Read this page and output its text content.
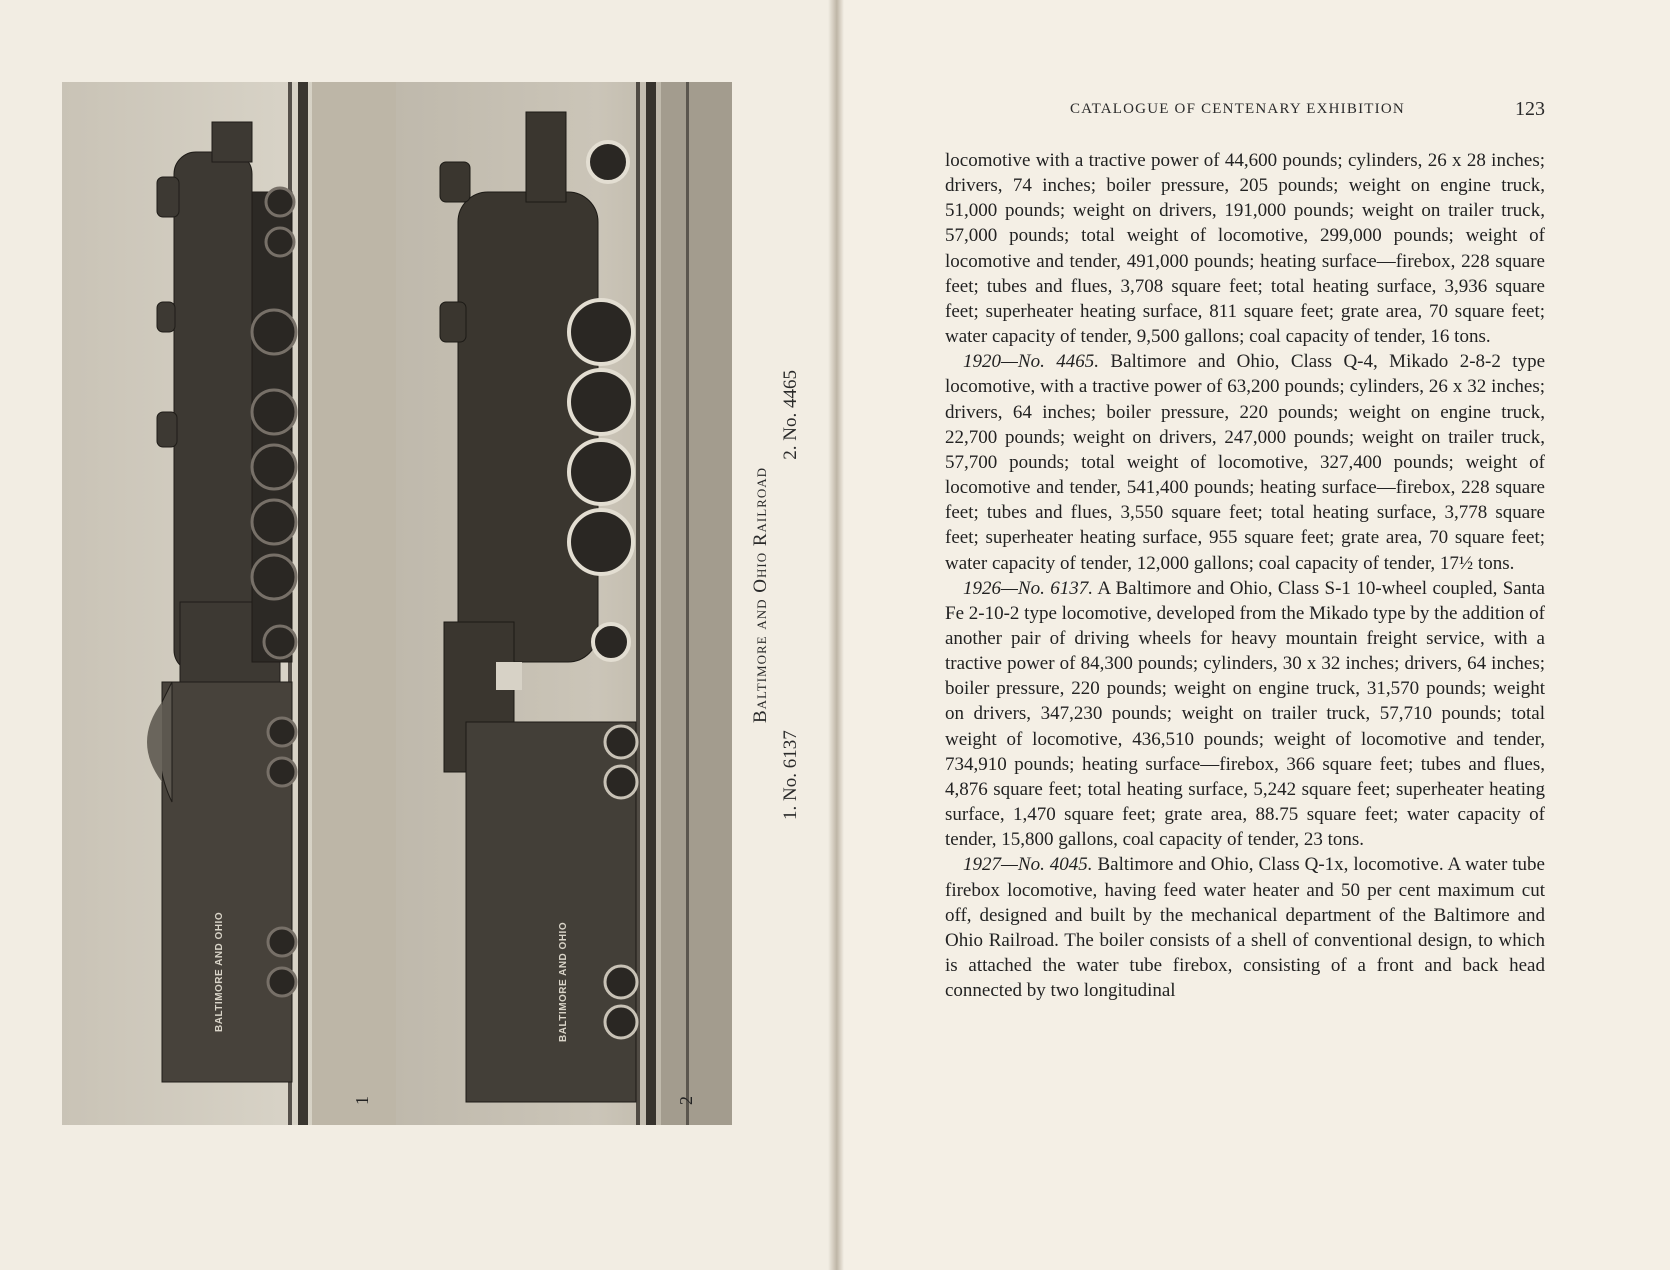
BALTIMORE AND OHIO
1
BALTIMORE AND OHIO
2
Baltimore and Ohio Railroad
1. No. 6137
2. No. 4465
CATALOGUE OF CENTENARY EXHIBITION	123

locomotive with a tractive power of 44,600 pounds; cylinders, 26 x 28 inches; drivers, 74 inches; boiler pressure, 205 pounds; weight on engine truck, 51,000 pounds; weight on drivers, 191,000 pounds; weight on trailer truck, 57,000 pounds; total weight of locomotive, 299,000 pounds; weight of locomotive and tender, 491,000 pounds; heating surface—firebox, 228 square feet; tubes and flues, 3,708 square feet; total heating surface, 3,936 square feet; superheater heating surface, 811 square feet; grate area, 70 square feet; water capacity of tender, 9,500 gallons; coal capacity of tender, 16 tons.

1920—No. 4465. Baltimore and Ohio, Class Q-4, Mikado 2-8-2 type locomotive, with a tractive power of 63,200 pounds; cylinders, 26 x 32 inches; drivers, 64 inches; boiler pressure, 220 pounds; weight on engine truck, 22,700 pounds; weight on drivers, 247,000 pounds; weight on trailer truck, 57,700 pounds; total weight of locomotive, 327,400 pounds; weight of locomotive and tender, 541,400 pounds; heating surface—firebox, 228 square feet; tubes and flues, 3,550 square feet; total heating surface, 3,778 square feet; superheater heating surface, 955 square feet; grate area, 70 square feet; water capacity of tender, 12,000 gallons; coal capacity of tender, 17½ tons.

1926—No. 6137. A Baltimore and Ohio, Class S-1 10-wheel coupled, Santa Fe 2-10-2 type locomotive, developed from the Mikado type by the addition of another pair of driving wheels for heavy mountain freight service, with a tractive power of 84,300 pounds; cylinders, 30 x 32 inches; drivers, 64 inches; boiler pressure, 220 pounds; weight on engine truck, 31,570 pounds; weight on drivers, 347,230 pounds; weight on trailer truck, 57,710 pounds; total weight of locomotive, 436,510 pounds; weight of locomotive and tender, 734,910 pounds; heating surface—firebox, 366 square feet; tubes and flues, 4,876 square feet; total heating surface, 5,242 square feet; superheater heating surface, 1,470 square feet; grate area, 88.75 square feet; water capacity of tender, 15,800 gallons, coal capacity of tender, 23 tons.

1927—No. 4045. Baltimore and Ohio, Class Q-1x, locomotive. A water tube firebox locomotive, having feed water heater and 50 per cent maximum cut off, designed and built by the mechanical department of the Baltimore and Ohio Railroad. The boiler consists of a shell of conventional design, to which is attached the water tube firebox, consisting of a front and back head connected by two longitudinal
